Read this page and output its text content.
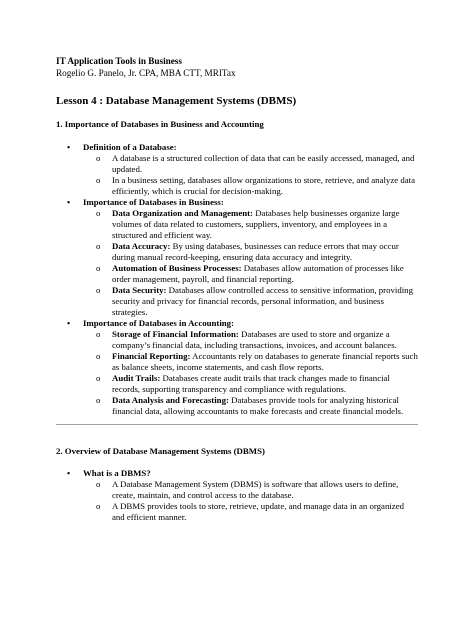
IT Application Tools in Business
Rogelio G. Panelo, Jr. CPA, MBA CTT, MRITax
Lesson 4 : Database Management Systems (DBMS)
1. Importance of Databases in Business and Accounting
• Definition of a Database:
o A database is a structured collection of data that can be easily accessed, managed, and updated.
o In a business setting, databases allow organizations to store, retrieve, and analyze data efficiently, which is crucial for decision-making.
• Importance of Databases in Business:
o Data Organization and Management: Databases help businesses organize large volumes of data related to customers, suppliers, inventory, and employees in a structured and efficient way.
o Data Accuracy: By using databases, businesses can reduce errors that may occur during manual record-keeping, ensuring data accuracy and integrity.
o Automation of Business Processes: Databases allow automation of processes like order management, payroll, and financial reporting.
o Data Security: Databases allow controlled access to sensitive information, providing security and privacy for financial records, personal information, and business strategies.
• Importance of Databases in Accounting:
o Storage of Financial Information: Databases are used to store and organize a company’s financial data, including transactions, invoices, and account balances.
o Financial Reporting: Accountants rely on databases to generate financial reports such as balance sheets, income statements, and cash flow reports.
o Audit Trails: Databases create audit trails that track changes made to financial records, supporting transparency and compliance with regulations.
o Data Analysis and Forecasting: Databases provide tools for analyzing historical financial data, allowing accountants to make forecasts and create financial models.
2. Overview of Database Management Systems (DBMS)
• What is a DBMS?
o A Database Management System (DBMS) is software that allows users to define, create, maintain, and control access to the database.
o A DBMS provides tools to store, retrieve, update, and manage data in an organized and efficient manner.
